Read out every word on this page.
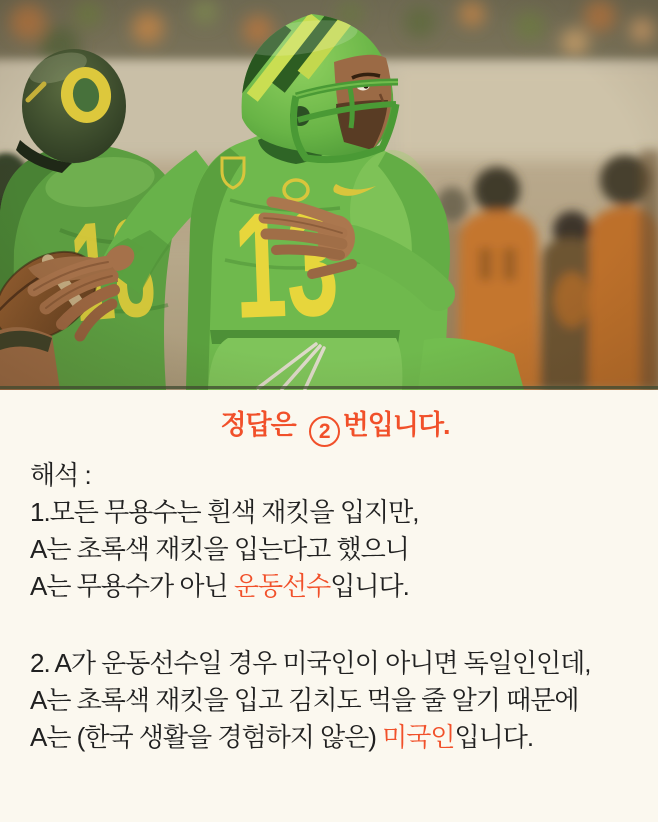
정답은 2 번입니다.

해석 :
1.모든 무용수는 흰색 재킷을 입지만,
A는 초록색 재킷을 입는다고 했으니
A는 무용수가 아닌 운동선수입니다.

2. A가 운동선수일 경우 미국인이 아니면 독일인인데,
A는 초록색 재킷을 입고 김치도 먹을 줄 알기 때문에
A는 (한국 생활을 경험하지 않은) 미국인입니다.
